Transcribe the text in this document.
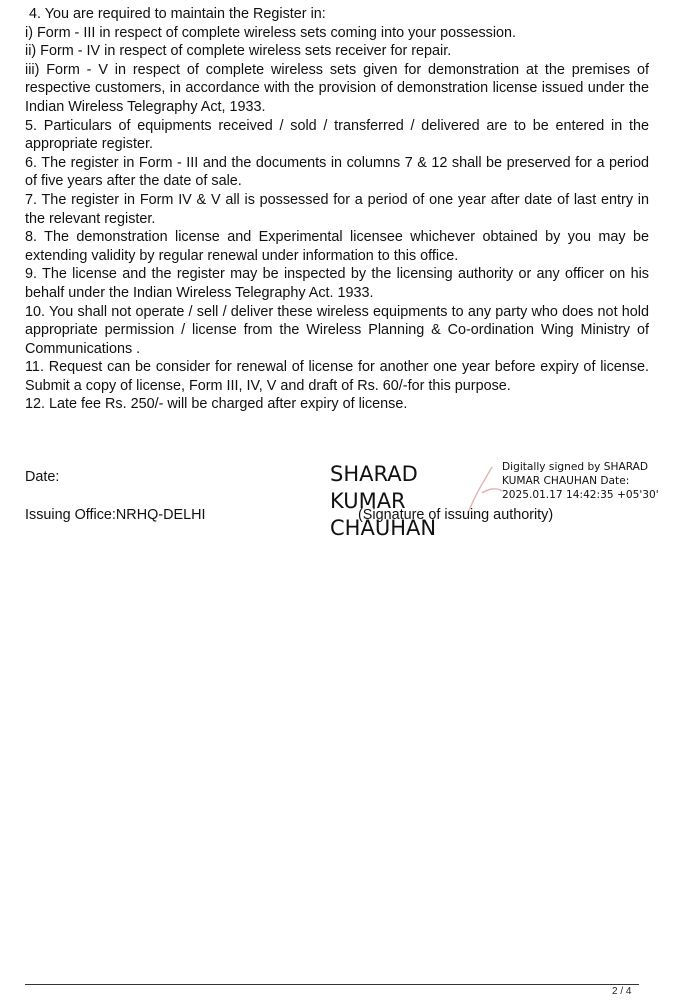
4. You are required to maintain the Register in:

i) Form - III in respect of complete wireless sets coming into your possession.

ii) Form - IV in respect of complete wireless sets receiver for repair.

iii) Form - V in respect of complete wireless sets given for demonstration at the premises of respective customers, in accordance with the provision of demonstration license issued under the Indian Wireless Telegraphy Act, 1933.

5. Particulars of equipments received / sold / transferred / delivered are to be entered in the appropriate register.

6. The register in Form - III and the documents in columns 7 & 12 shall be preserved for a period of five years after the date of sale.

7. The register in Form IV & V all is possessed for a period of one year after date of last entry in the relevant register.

8. The demonstration license and Experimental licensee whichever obtained by you may be extending validity by regular renewal under information to this office.

9. The license and the register may be inspected by the licensing authority or any officer on his behalf under the Indian Wireless Telegraphy Act. 1933.

10. You shall not operate / sell / deliver these wireless equipments to any party who does not hold appropriate permission / license from the Wireless Planning & Co-ordination Wing Ministry of Communications .

11. Request can be consider for renewal of license for another one year before expiry of license. Submit a copy of license, Form III, IV, V and draft of Rs. 60/-for this purpose.

12. Late fee Rs. 250/- will be charged after expiry of license.

Date:
Issuing Office:NRHQ-DELHI
SHARAD KUMAR CHAUHAN
Digitally signed by SHARAD KUMAR CHAUHAN Date: 2025.01.17 14:42:35 +05'30'
(Signature of issuing authority)
2 / 4
